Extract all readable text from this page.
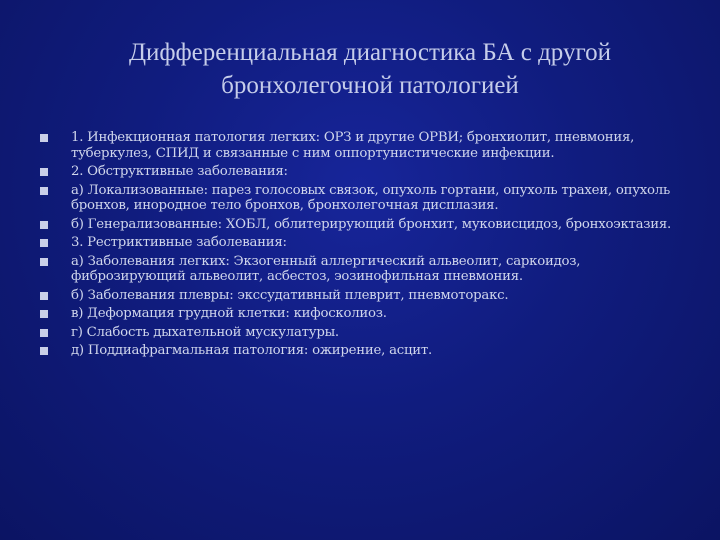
Дифференциальная диагностика БА с другой
бронхолегочной патологией
1. Инфекционная патология легких: ОРЗ и другие ОРВИ; бронхиолит, пневмония, туберкулез, СПИД и связанные с ним оппортунистические инфекции.
2. Обструктивные заболевания:
а) Локализованные: парез голосовых связок, опухоль гортани, опухоль трахеи, опухоль бронхов, инородное тело бронхов, бронхолегочная дисплазия.
б) Генерализованные: ХОБЛ, облитерирующий бронхит, муковисцидоз, бронхоэктазия.
3. Рестриктивные заболевания:
а) Заболевания легких: Экзогенный аллергический альвеолит, саркоидоз, фиброзирующий альвеолит, асбестоз, эозинофильная пневмония.
б) Заболевания плевры: экссудативный плеврит, пневмоторакс.
в) Деформация грудной клетки: кифосколиоз.
г) Слабость дыхательной мускулатуры.
д) Поддиафрагмальная патология: ожирение, асцит.
